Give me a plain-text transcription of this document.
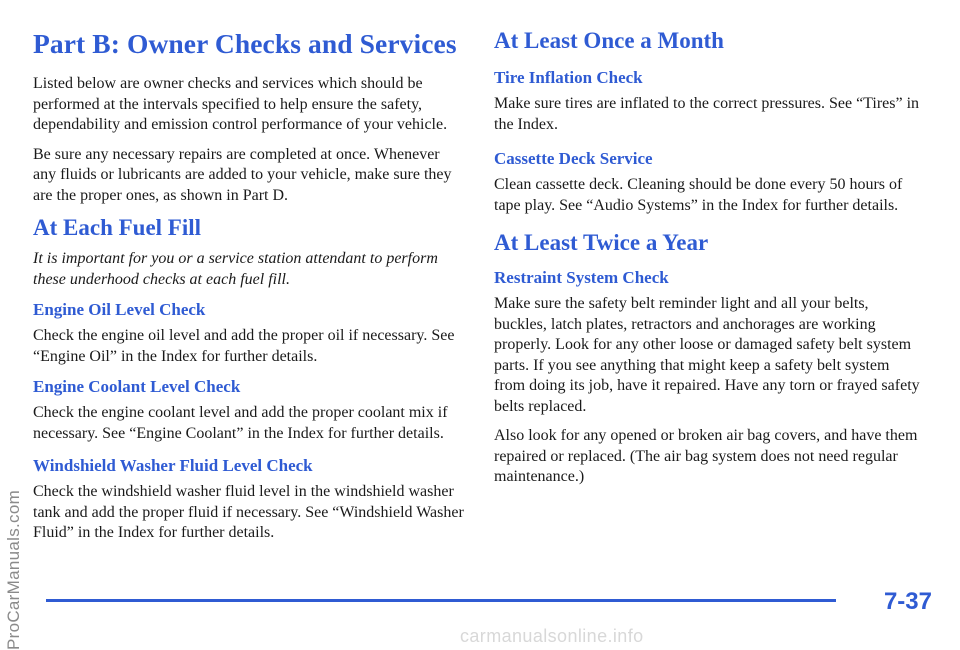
ProCarManuals.com
Part B: Owner Checks and Services

Listed below are owner checks and services which should be performed at the intervals specified to help ensure the safety, dependability and emission control performance of your vehicle.

Be sure any necessary repairs are completed at once. Whenever any fluids or lubricants are added to your vehicle, make sure they are the proper ones, as shown in Part D.

At Each Fuel Fill

It is important for you or a service station attendant to perform these underhood checks at each fuel fill.

Engine Oil Level Check

Check the engine oil level and add the proper oil if necessary. See “Engine Oil” in the Index for further details.

Engine Coolant Level Check

Check the engine coolant level and add the proper coolant mix if necessary. See “Engine Coolant” in the Index for further details.

Windshield Washer Fluid Level Check

Check the windshield washer fluid level in the windshield washer tank and add the proper fluid if necessary. See “Windshield Washer Fluid” in the Index for further details.

At Least Once a Month
Tire Inflation Check

Make sure tires are inflated to the correct pressures. See “Tires” in the Index.

Cassette Deck Service

Clean cassette deck. Cleaning should be done every 50 hours of tape play. See “Audio Systems” in the Index for further details.

At Least Twice a Year
Restraint System Check

Make sure the safety belt reminder light and all your belts, buckles, latch plates, retractors and anchorages are working properly. Look for any other loose or damaged safety belt system parts. If you see anything that might keep a safety belt system from doing its job, have it repaired. Have any torn or frayed safety belts replaced.

Also look for any opened or broken air bag covers, and have them repaired or replaced. (The air bag system does not need regular maintenance.)

7-37
carmanualsonline.info
